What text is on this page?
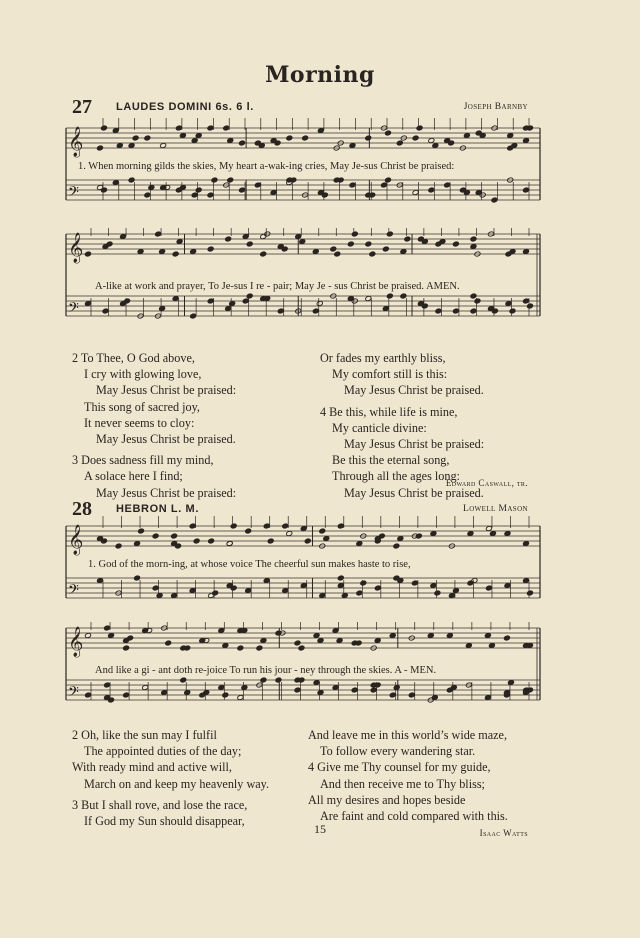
Morning
27 LAUDES DOMINI 6s. 6 l.	Joseph Barnby
𝄞
𝄢
1. When morning gilds the skies, My heart a-wak-ing cries, May Je-sus Christ be praised:
𝄞
𝄢
A-like at work and prayer, To Je-sus I re - pair; May Je - sus Christ be praised. AMEN.
2 To Thee, O God above,
I cry with glowing love,
May Jesus Christ be praised:
This song of sacred joy,
It never seems to cloy:
May Jesus Christ be praised.
3 Does sadness fill my mind,
A solace here I find;
May Jesus Christ be praised:
Or fades my earthly bliss,
My comfort still is this:
May Jesus Christ be praised.
4 Be this, while life is mine,
My canticle divine:
May Jesus Christ be praised:
Be this the eternal song,
Through all the ages long:
May Jesus Christ be praised.
Edward Caswall, tr.
28 HEBRON L. M.	Lowell Mason
𝄞
𝄢
1. God of the morn-ing, at whose voice The cheerful sun makes haste to rise,
𝄞
𝄢
And like a gi - ant doth re-joice To run his jour - ney through the skies. A - MEN.
2 Oh, like the sun may I fulfil
The appointed duties of the day;
With ready mind and active will,
March on and keep my heavenly way.
3 But I shall rove, and lose the race,
If God my Sun should disappear,
And leave me in this world’s wide maze,
To follow every wandering star.
4 Give me Thy counsel for my guide,
And then receive me to Thy bliss;
All my desires and hopes beside
Are faint and cold compared with this.
Isaac Watts
15
